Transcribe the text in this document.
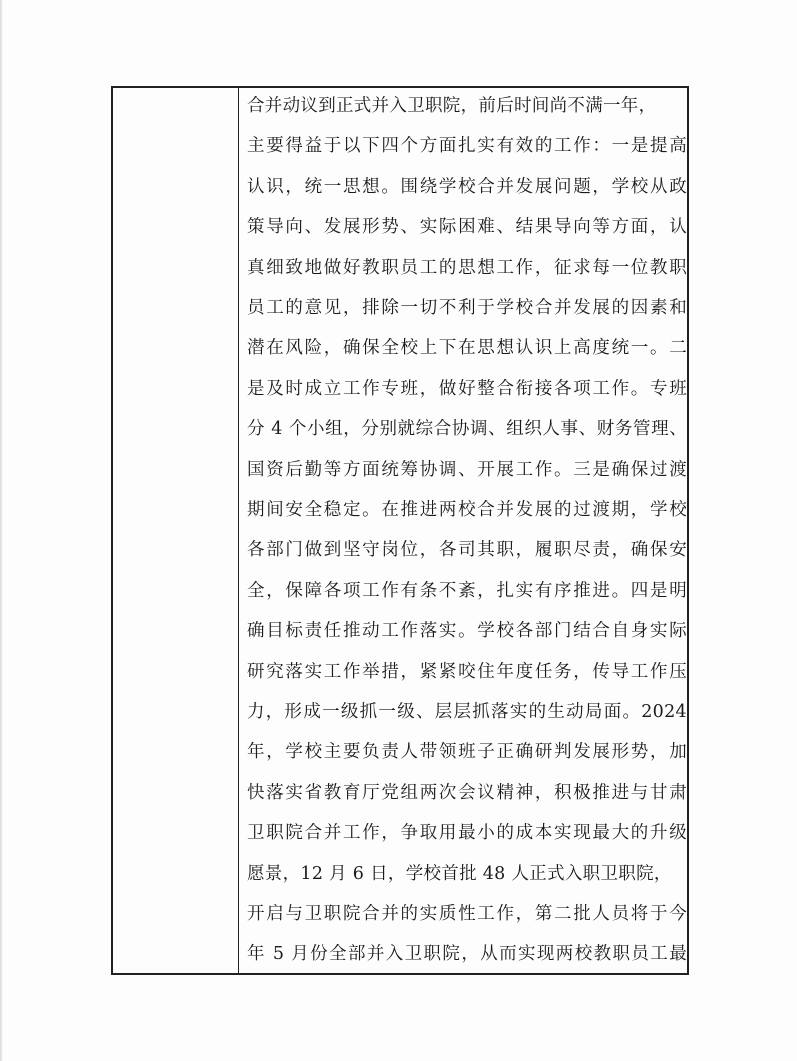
合并动议到正式并入卫职院，前后时间尚不满一年，
主要得益于以下四个方面扎实有效的工作：一是提高
认识，统一思想。围绕学校合并发展问题，学校从政
策导向、发展形势、实际困难、结果导向等方面，认
真细致地做好教职员工的思想工作，征求每一位教职
员工的意见，排除一切不利于学校合并发展的因素和
潜在风险，确保全校上下在思想认识上高度统一。二
是及时成立工作专班，做好整合衔接各项工作。专班
分 4 个小组，分别就综合协调、组织人事、财务管理、
国资后勤等方面统筹协调、开展工作。三是确保过渡
期间安全稳定。在推进两校合并发展的过渡期，学校
各部门做到坚守岗位，各司其职，履职尽责，确保安
全，保障各项工作有条不紊，扎实有序推进。四是明
确目标责任推动工作落实。学校各部门结合自身实际
研究落实工作举措，紧紧咬住年度任务，传导工作压
力，形成一级抓一级、层层抓落实的生动局面。2024
年，学校主要负责人带领班子正确研判发展形势，加
快落实省教育厅党组两次会议精神，积极推进与甘肃
卫职院合并工作，争取用最小的成本实现最大的升级
愿景，12 月 6 日，学校首批 48 人正式入职卫职院，
开启与卫职院合并的实质性工作，第二批人员将于今
年 5 月份全部并入卫职院，从而实现两校教职员工最
